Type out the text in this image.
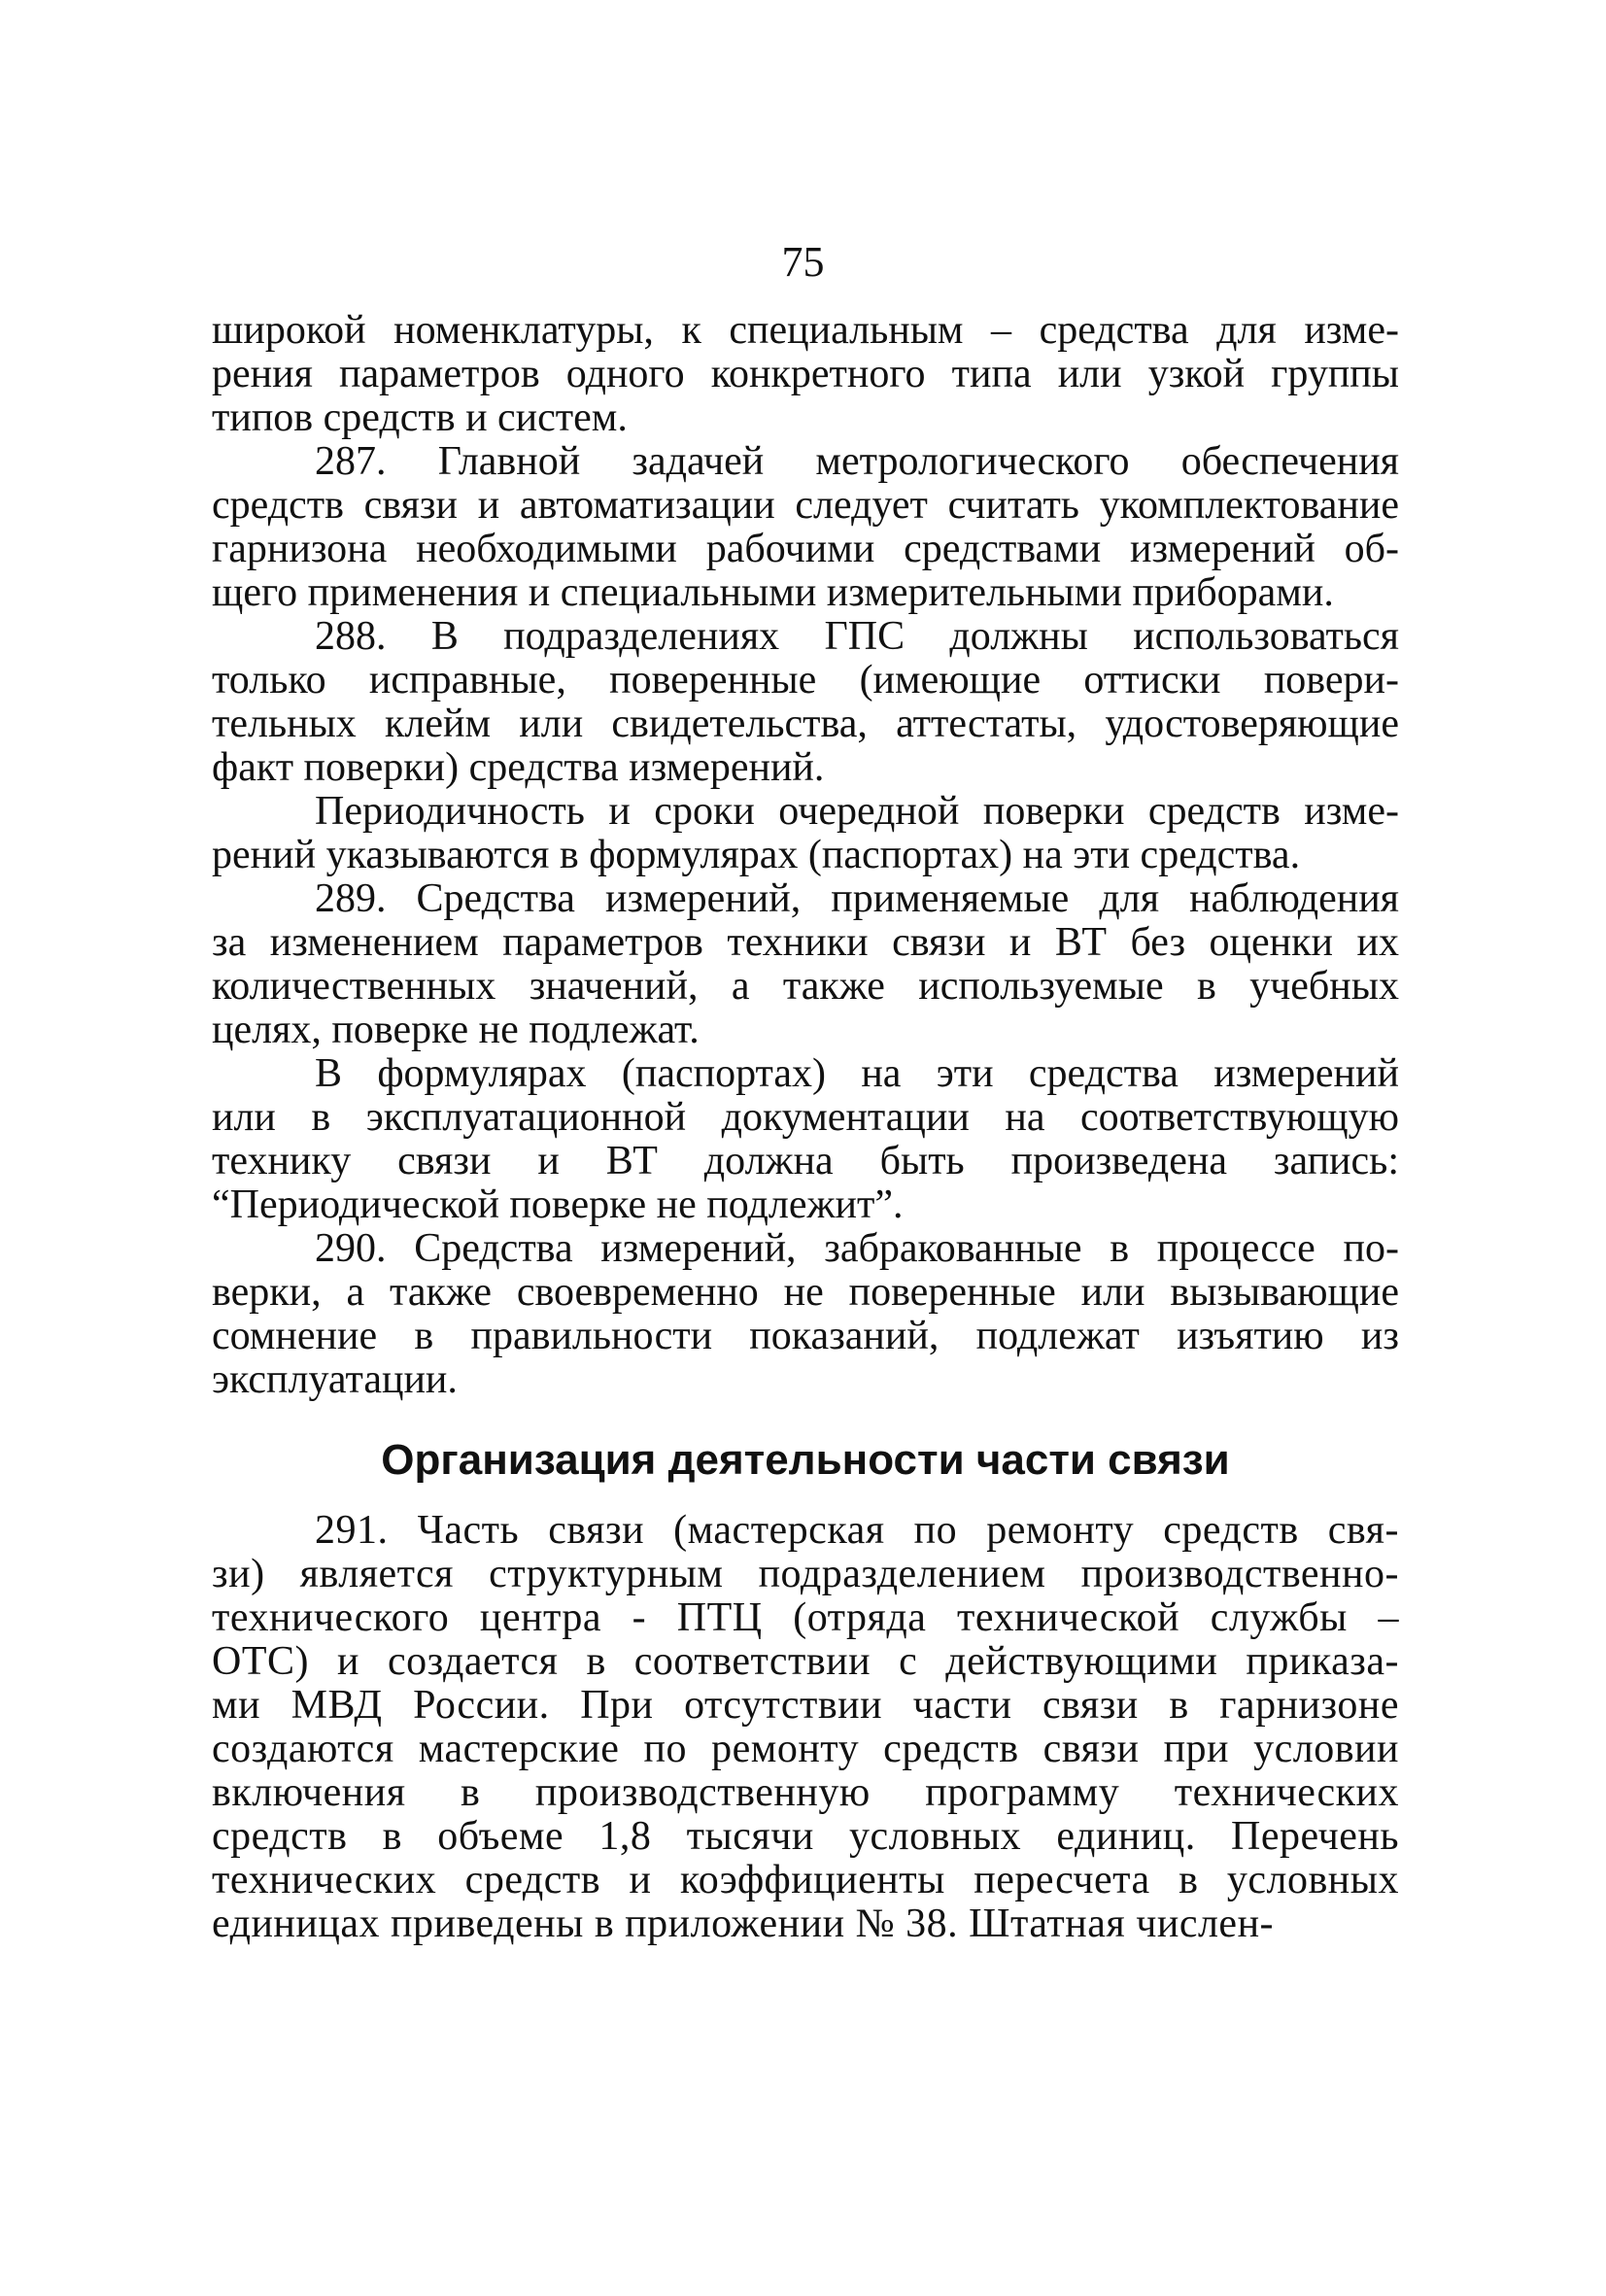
75
широкой номенклатуры, к специальным – средства для изме-
рения параметров одного конкретного типа или узкой группы
типов средств и систем.
287. Главной задачей метрологического обеспечения
средств связи и автоматизации следует считать укомплектование
гарнизона необходимыми рабочими средствами измерений об-
щего применения и специальными измерительными приборами.
288. В подразделениях ГПС должны использоваться
только исправные, поверенные (имеющие оттиски повери-
тельных клейм или свидетельства, аттестаты, удостоверяющие
факт поверки) средства измерений.
Периодичность и сроки очередной поверки средств изме-
рений указываются в формулярах (паспортах) на эти средства.
289. Средства измерений, применяемые для наблюдения
за изменением параметров техники связи и ВТ без оценки их
количественных значений, а также используемые в учебных
целях, поверке не подлежат.
В формулярах (паспортах) на эти средства измерений
или в эксплуатационной документации на соответствующую
технику связи и ВТ должна быть произведена запись:
“Периодической поверке не подлежит”.
290. Средства измерений, забракованные в процессе по-
верки, а также своевременно не поверенные или вызывающие
сомнение в правильности показаний, подлежат изъятию из
эксплуатации.
Организация деятельности части связи
291. Часть связи (мастерская по ремонту средств свя-
зи) является структурным подразделением производственно-
технического центра - ПТЦ (отряда технической службы –
ОТС) и создается в соответствии с действующими приказа-
ми МВД России. При отсутствии части связи в гарнизоне
создаются мастерские по ремонту средств связи при условии
включения в производственную программу технических
средств в объеме 1,8 тысячи условных единиц. Перечень
технических средств и коэффициенты пересчета в условных
единицах приведены в приложении № 38. Штатная числен-
